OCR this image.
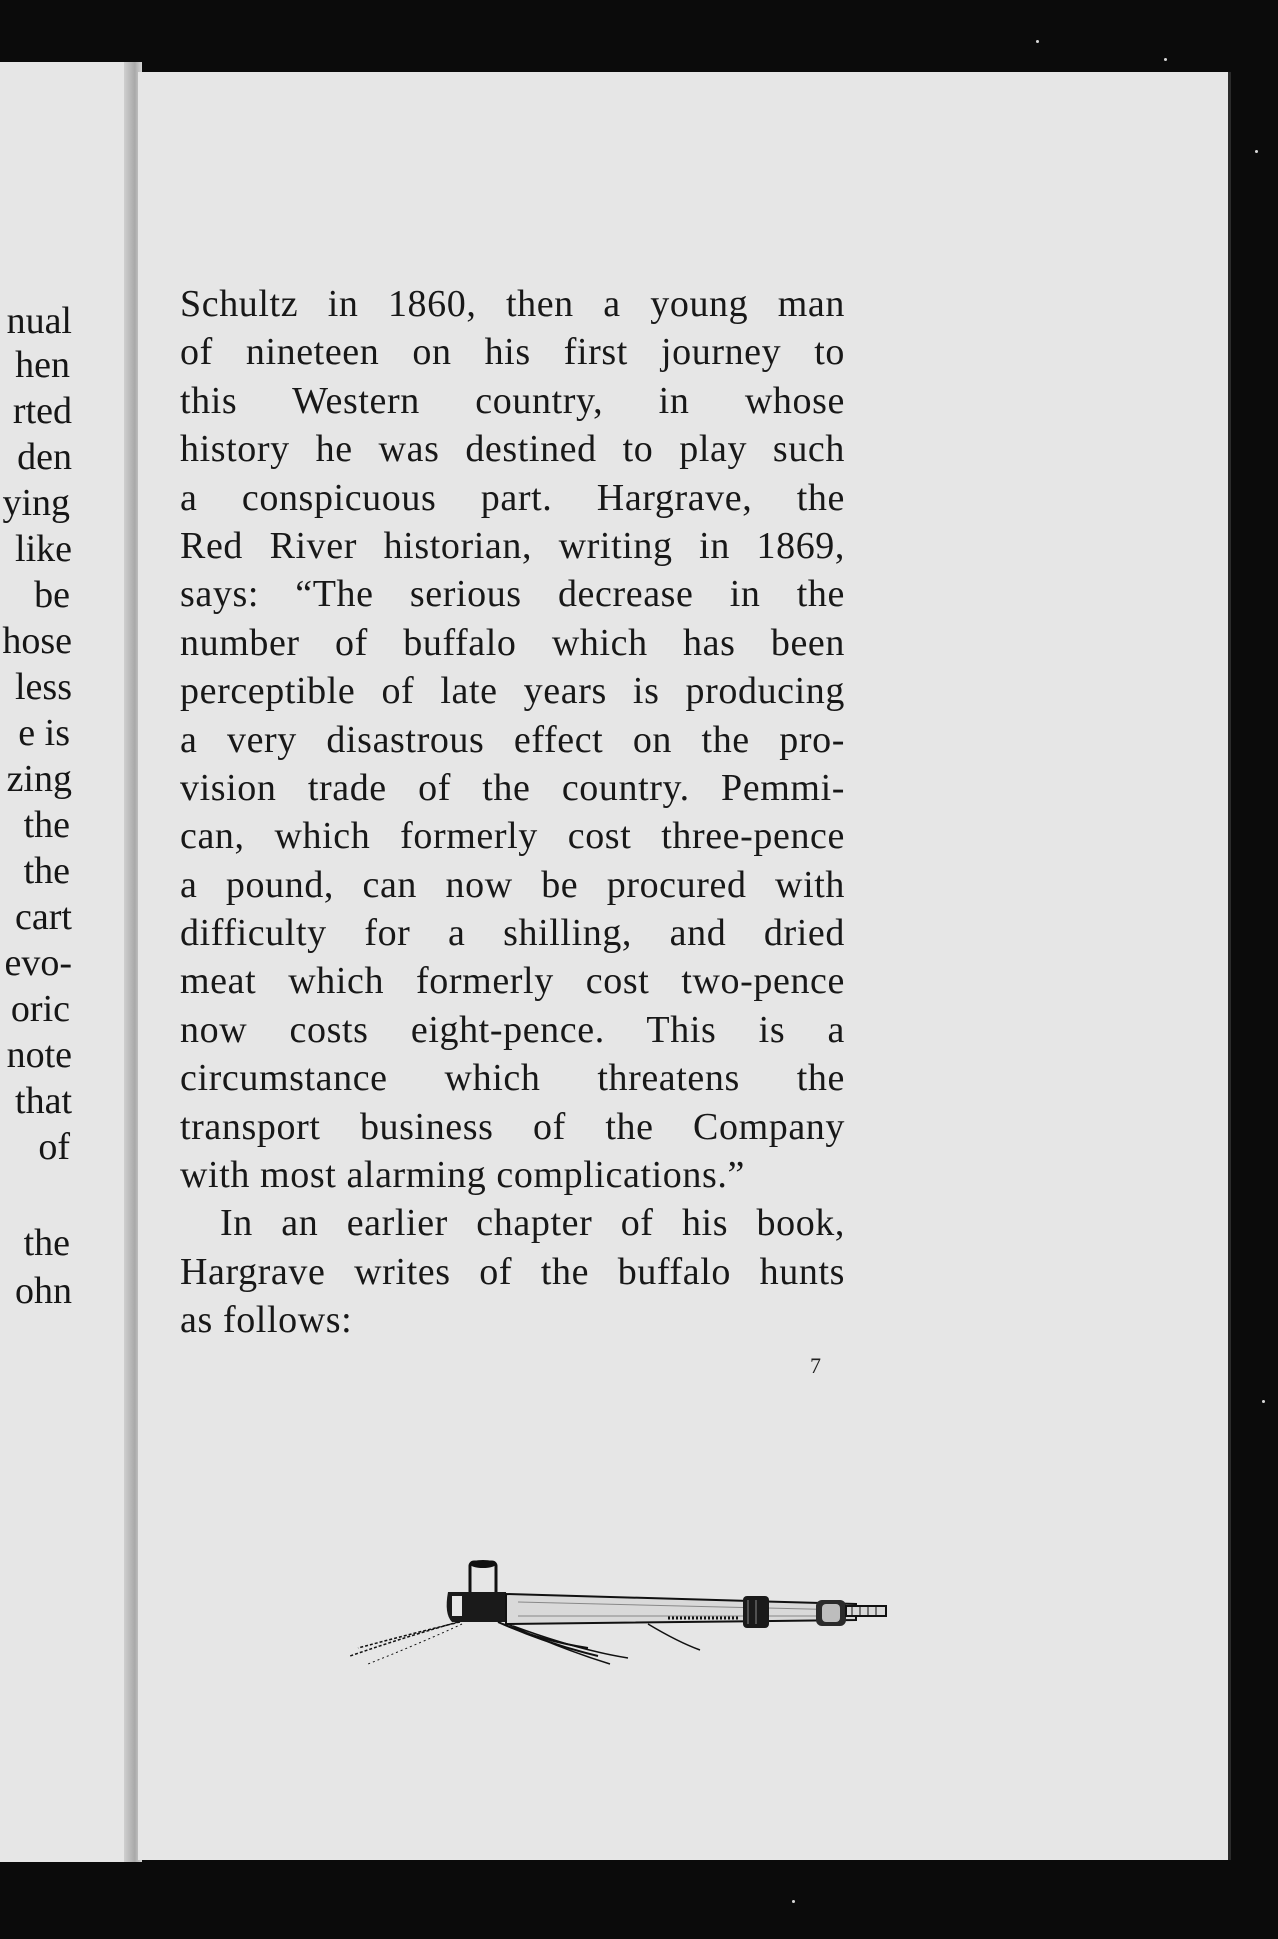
nual
hen
rted
den
ying
like
be
hose
less
e is
zing
the
the
cart
evo-
oric
note
that
of
the
ohn
Schultz in 1860, then a young man
of nineteen on his first journey to
this Western country, in whose
history he was destined to play such
a conspicuous part. Hargrave, the
Red River historian, writing in 1869,
says: “The serious decrease in the
number of buffalo which has been
perceptible of late years is producing
a very disastrous effect on the pro-
vision trade of the country. Pemmi-
can, which formerly cost three-pence
a pound, can now be procured with
difficulty for a shilling, and dried
meat which formerly cost two-pence
now costs eight-pence. This is a
circumstance which threatens the
transport business of the Company
with most alarming complications.”
In an earlier chapter of his book,
Hargrave writes of the buffalo hunts
as follows:
7
